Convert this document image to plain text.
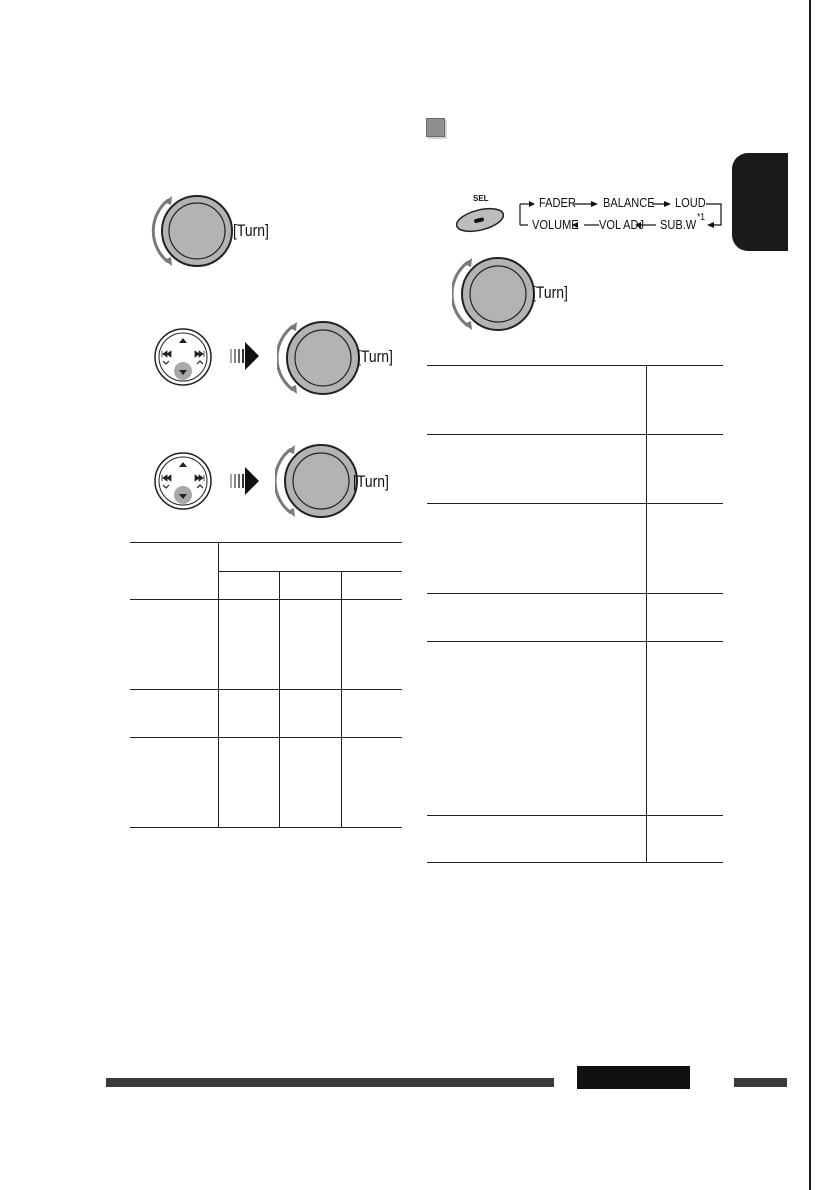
[Turn]
[Turn]
[Turn]
SEL	FADER BALANCE LOUD
VOLUME VOL ADJ SUB.W *1
[Turn]
